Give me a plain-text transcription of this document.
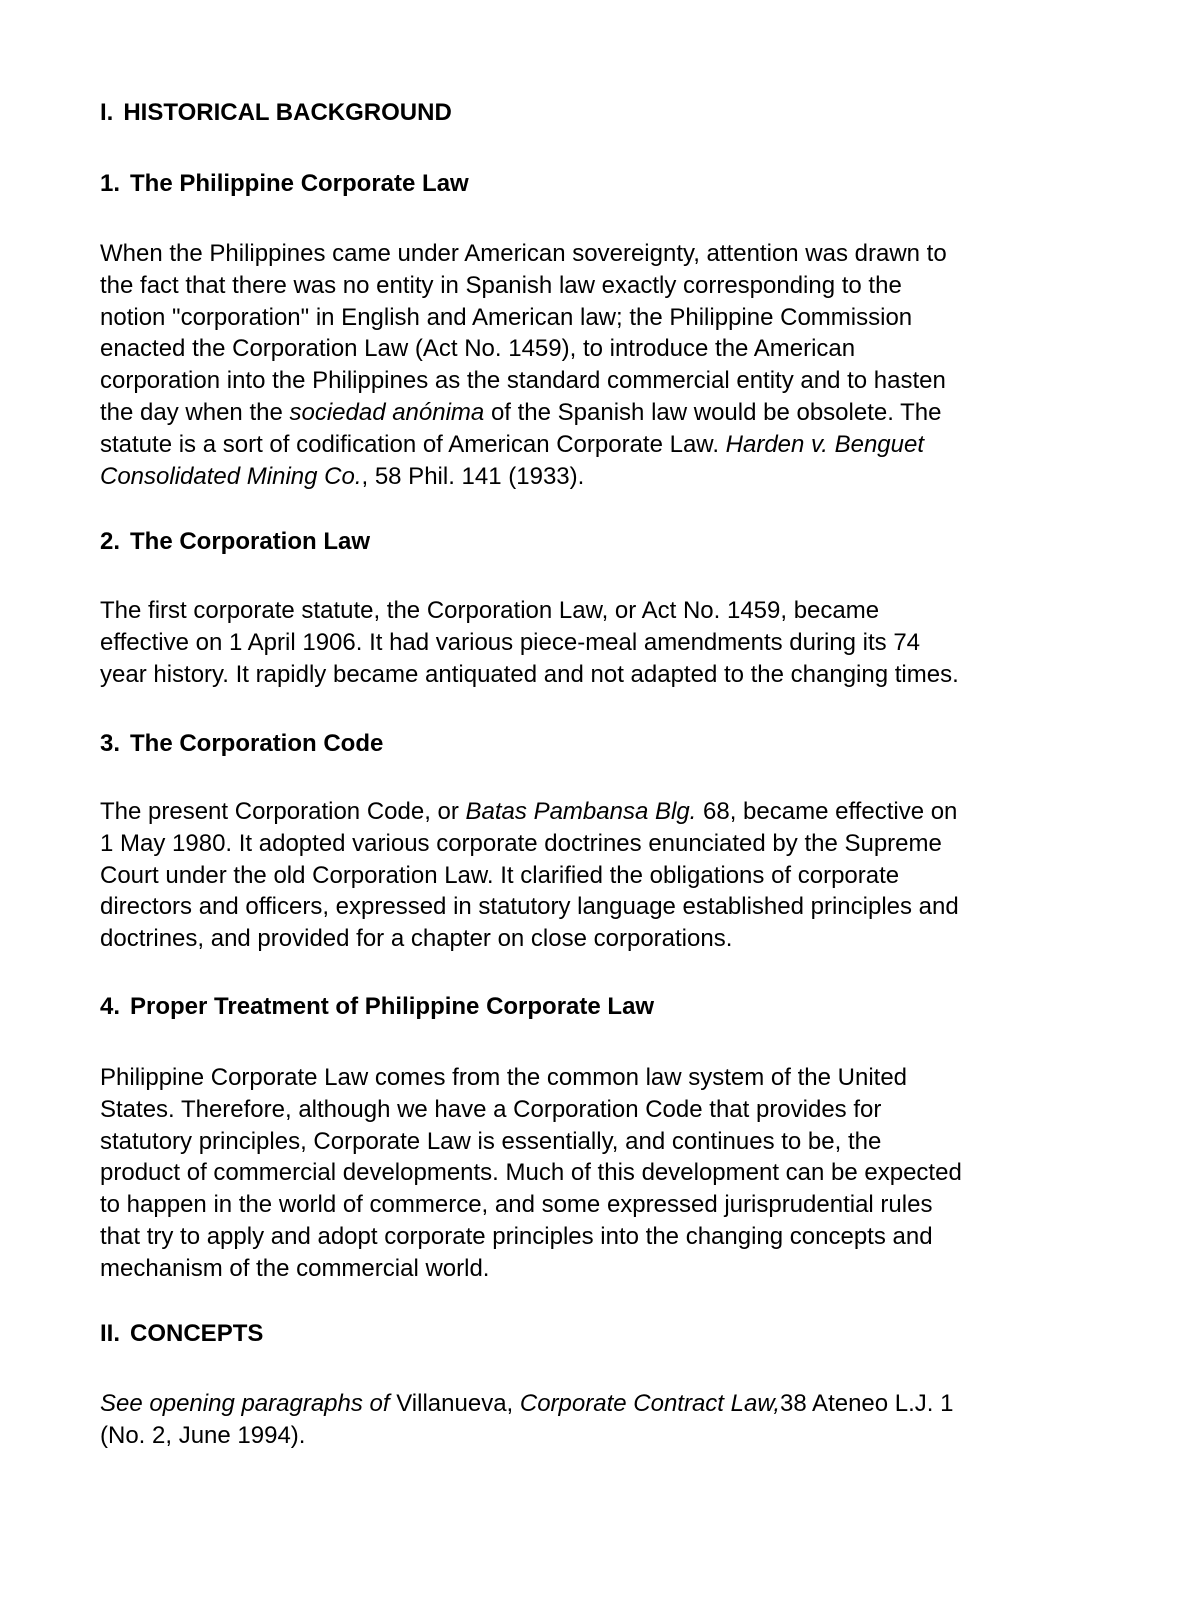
I. HISTORICAL BACKGROUND
1. The Philippine Corporate Law

When the Philippines came under American sovereignty, attention was drawn to
the fact that there was no entity in Spanish law exactly corresponding to the
notion "corporation" in English and American law; the Philippine Commission
enacted the Corporation Law (Act No. 1459), to introduce the American
corporation into the Philippines as the standard commercial entity and to hasten
the day when the sociedad anónima of the Spanish law would be obsolete. The
statute is a sort of codification of American Corporate Law. Harden v. Benguet
Consolidated Mining Co., 58 Phil. 141 (1933).

2. The Corporation Law

The first corporate statute, the Corporation Law, or Act No. 1459, became
effective on 1 April 1906. It had various piece-meal amendments during its 74
year history. It rapidly became antiquated and not adapted to the changing times.

3. The Corporation Code

The present Corporation Code, or Batas Pambansa Blg. 68, became effective on
1 May 1980. It adopted various corporate doctrines enunciated by the Supreme
Court under the old Corporation Law. It clarified the obligations of corporate
directors and officers, expressed in statutory language established principles and
doctrines, and provided for a chapter on close corporations.

4. Proper Treatment of Philippine Corporate Law

Philippine Corporate Law comes from the common law system of the United
States. Therefore, although we have a Corporation Code that provides for
statutory principles, Corporate Law is essentially, and continues to be, the
product of commercial developments. Much of this development can be expected
to happen in the world of commerce, and some expressed jurisprudential rules
that try to apply and adopt corporate principles into the changing concepts and
mechanism of the commercial world.

II. CONCEPTS

See opening paragraphs of Villanueva, Corporate Contract Law,38 Ateneo L.J. 1
(No. 2, June 1994).
